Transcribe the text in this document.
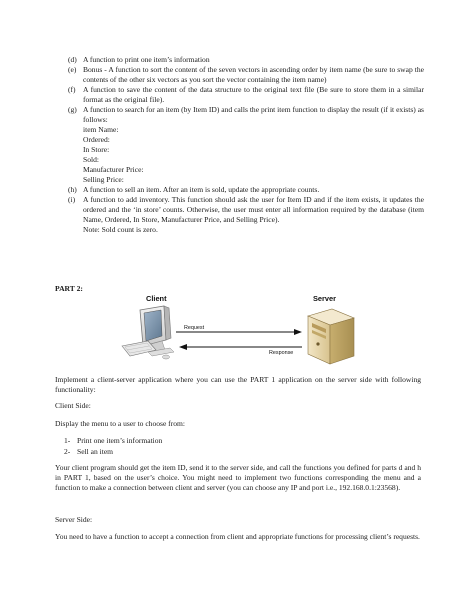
(d) A function to print one item’s information
(e) Bonus - A function to sort the content of the seven vectors in ascending order by item name (be sure to swap the contents of the other six vectors as you sort the vector containing the item name)
(f) A function to save the content of the data structure to the original text file (Be sure to store them in a similar format as the original file).
(g) A function to search for an item (by Item ID) and calls the print item function to display the result (if it exists) as follows:
item Name:
Ordered:
In Store:
Sold:
Manufacturer Price:
Selling Price:
(h) A function to sell an item. After an item is sold, update the appropriate counts.
(i) A function to add inventory. This function should ask the user for Item ID and if the item exists, it updates the ordered and the ‘in store’ counts. Otherwise, the user must enter all information required by the database (item Name, Ordered, In Store, Manufacturer Price, and Selling Price).
Note: Sold count is zero.
PART 2:
Client	Server
Request
Response

Implement a client-server application where you can use the PART 1 application on the server side with following functionality:

Client Side:

Display the menu to a user to choose from:

1- Print one item’s information
2- Sell an item

Your client program should get the item ID, send it to the server side, and call the functions you defined for parts d and h in PART 1, based on the user’s choice. You might need to implement two functions corresponding the menu and a function to make a connection between client and server (you can choose any IP and port i.e., 192.168.0.1:23568).

Server Side:

You need to have a function to accept a connection from client and appropriate functions for processing client’s requests.
